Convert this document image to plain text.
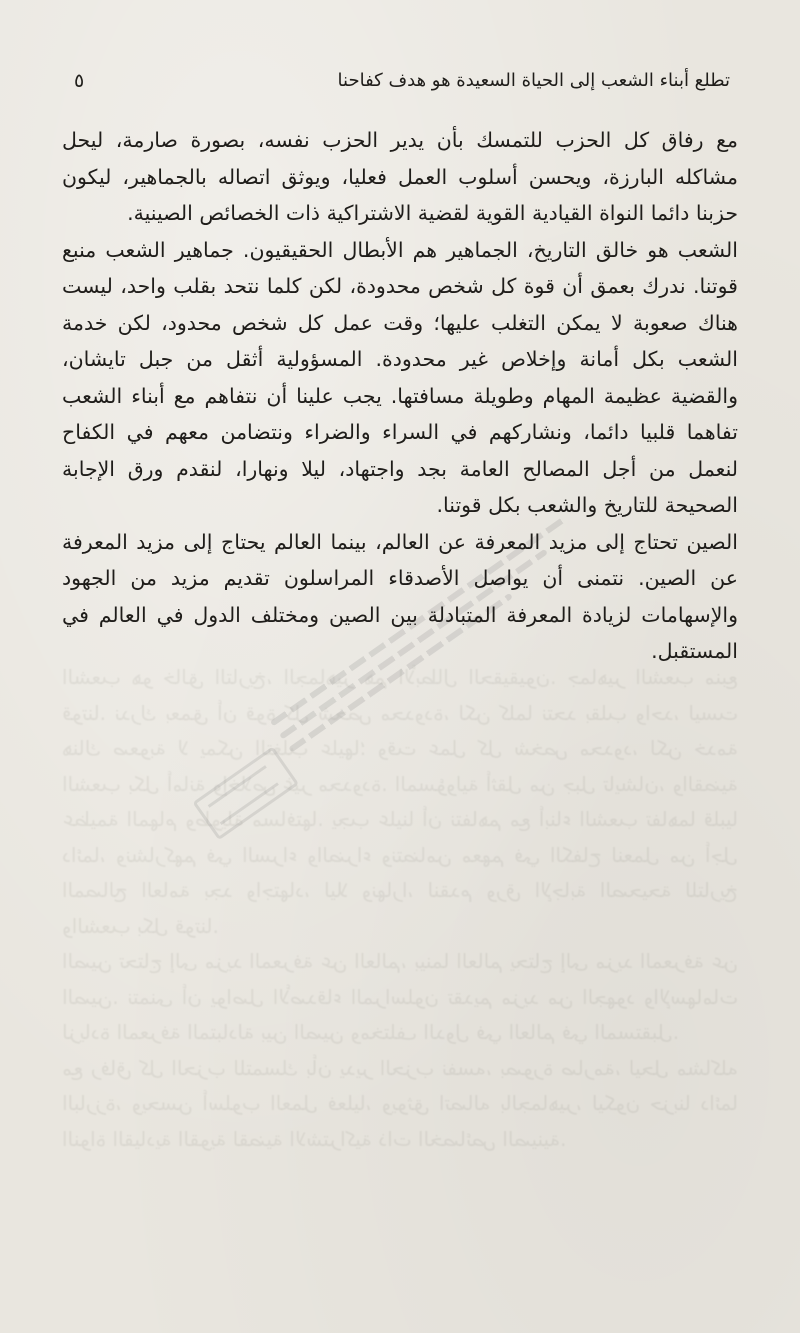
٥	تطلع أبناء الشعب إلى الحياة السعيدة هو هدف كفاحنا

الشعب هو خالق التاريخ، الجماهير هم الأبطال الحقيقيون. جماهير الشعب منبع قوتنا. ندرك بعمق أن قوة كل شخص محدودة، لكن كلما نتحد بقلب واحد، ليست هناك صعوبة لا يمكن التغلب عليها؛ وقت عمل كل شخص محدود، لكن خدمة الشعب بكل أمانة وإخلاص غير محدودة. المسؤولية أثقل من جبل تايشان، والقضية عظيمة المهام وطويلة مسافتها. يجب علينا أن نتفاهم مع أبناء الشعب تفاهما قلبيا دائما، ونشاركهم في السراء والضراء ونتضامن معهم في الكفاح لنعمل من أجل المصالح العامة بجد واجتهاد، ليلا ونهارا، لنقدم ورق الإجابة الصحيحة للتاريخ والشعب بكل قوتنا.

الصين تحتاج إلى مزيد المعرفة عن العالم، بينما العالم يحتاج إلى مزيد المعرفة عن الصين. نتمنى أن يواصل الأصدقاء المراسلون تقديم مزيد من الجهود والإسهامات لزيادة المعرفة المتبادلة بين الصين ومختلف الدول في العالم في المستقبل.

مع رفاق كل الحزب للتمسك بأن يدير الحزب نفسه، بصورة صارمة، ليحل مشاكله البارزة، ويحسن أسلوب العمل فعليا، ويوثق اتصاله بالجماهير، ليكون حزبنا دائما النواة القيادية القوية لقضية الاشتراكية ذات الخصائص الصينية.

مع رفاق كل الحزب للتمسك بأن يدير الحزب نفسه، بصورة صارمة، ليحل مشاكله البارزة، ويحسن أسلوب العمل فعليا، ويوثق اتصاله بالجماهير، ليكون حزبنا دائما النواة القيادية القوية لقضية الاشتراكية ذات الخصائص الصينية.

الشعب هو خالق التاريخ، الجماهير هم الأبطال الحقيقيون. جماهير الشعب منبع قوتنا. ندرك بعمق أن قوة كل شخص محدودة، لكن كلما نتحد بقلب واحد، ليست هناك صعوبة لا يمكن التغلب عليها؛ وقت عمل كل شخص محدود، لكن خدمة الشعب بكل أمانة وإخلاص غير محدودة. المسؤولية أثقل من جبل تايشان، والقضية عظيمة المهام وطويلة مسافتها. يجب علينا أن نتفاهم مع أبناء الشعب تفاهما قلبيا دائما، ونشاركهم في السراء والضراء ونتضامن معهم في الكفاح لنعمل من أجل المصالح العامة بجد واجتهاد، ليلا ونهارا، لنقدم ورق الإجابة الصحيحة للتاريخ والشعب بكل قوتنا.

الصين تحتاج إلى مزيد المعرفة عن العالم، بينما العالم يحتاج إلى مزيد المعرفة عن الصين. نتمنى أن يواصل الأصدقاء المراسلون تقديم مزيد من الجهود والإسهامات لزيادة المعرفة المتبادلة بين الصين ومختلف الدول في العالم في المستقبل.
